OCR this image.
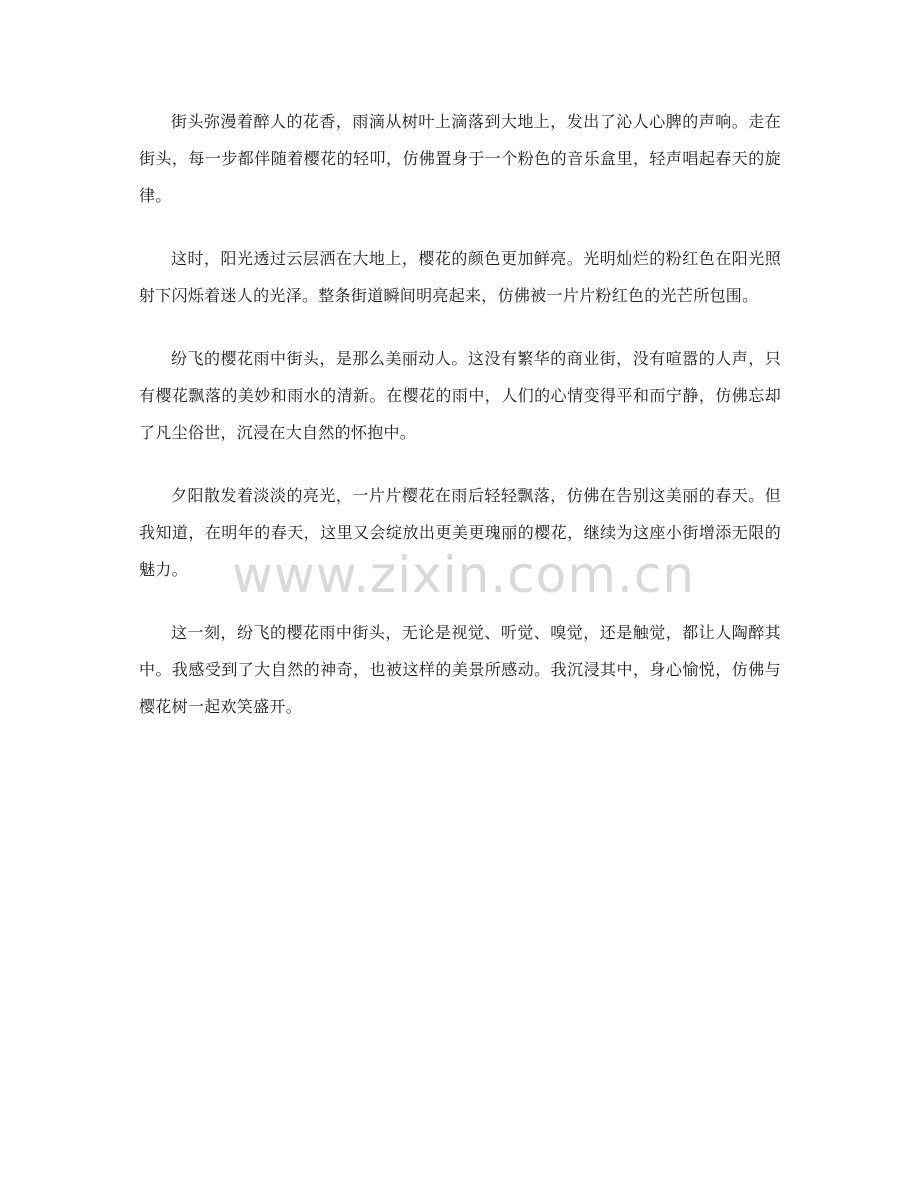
街头弥漫着醉人的花香，雨滴从树叶上滴落到大地上，发出了沁人心脾的声响。走在街头，每一步都伴随着樱花的轻叩，仿佛置身于一个粉色的音乐盒里，轻声唱起春天的旋律。

这时，阳光透过云层洒在大地上，樱花的颜色更加鲜亮。光明灿烂的粉红色在阳光照射下闪烁着迷人的光泽。整条街道瞬间明亮起来，仿佛被一片片粉红色的光芒所包围。

纷飞的樱花雨中街头，是那么美丽动人。这没有繁华的商业街，没有喧嚣的人声，只有樱花飘落的美妙和雨水的清新。在樱花的雨中，人们的心情变得平和而宁静，仿佛忘却了凡尘俗世，沉浸在大自然的怀抱中。

夕阳散发着淡淡的亮光，一片片樱花在雨后轻轻飘落，仿佛在告别这美丽的春天。但我知道，在明年的春天，这里又会绽放出更美更瑰丽的樱花，继续为这座小街增添无限的魅力。

这一刻，纷飞的樱花雨中街头，无论是视觉、听觉、嗅觉，还是触觉，都让人陶醉其中。我感受到了大自然的神奇，也被这样的美景所感动。我沉浸其中，身心愉悦，仿佛与樱花树一起欢笑盛开。

www.zixin.com.cn
